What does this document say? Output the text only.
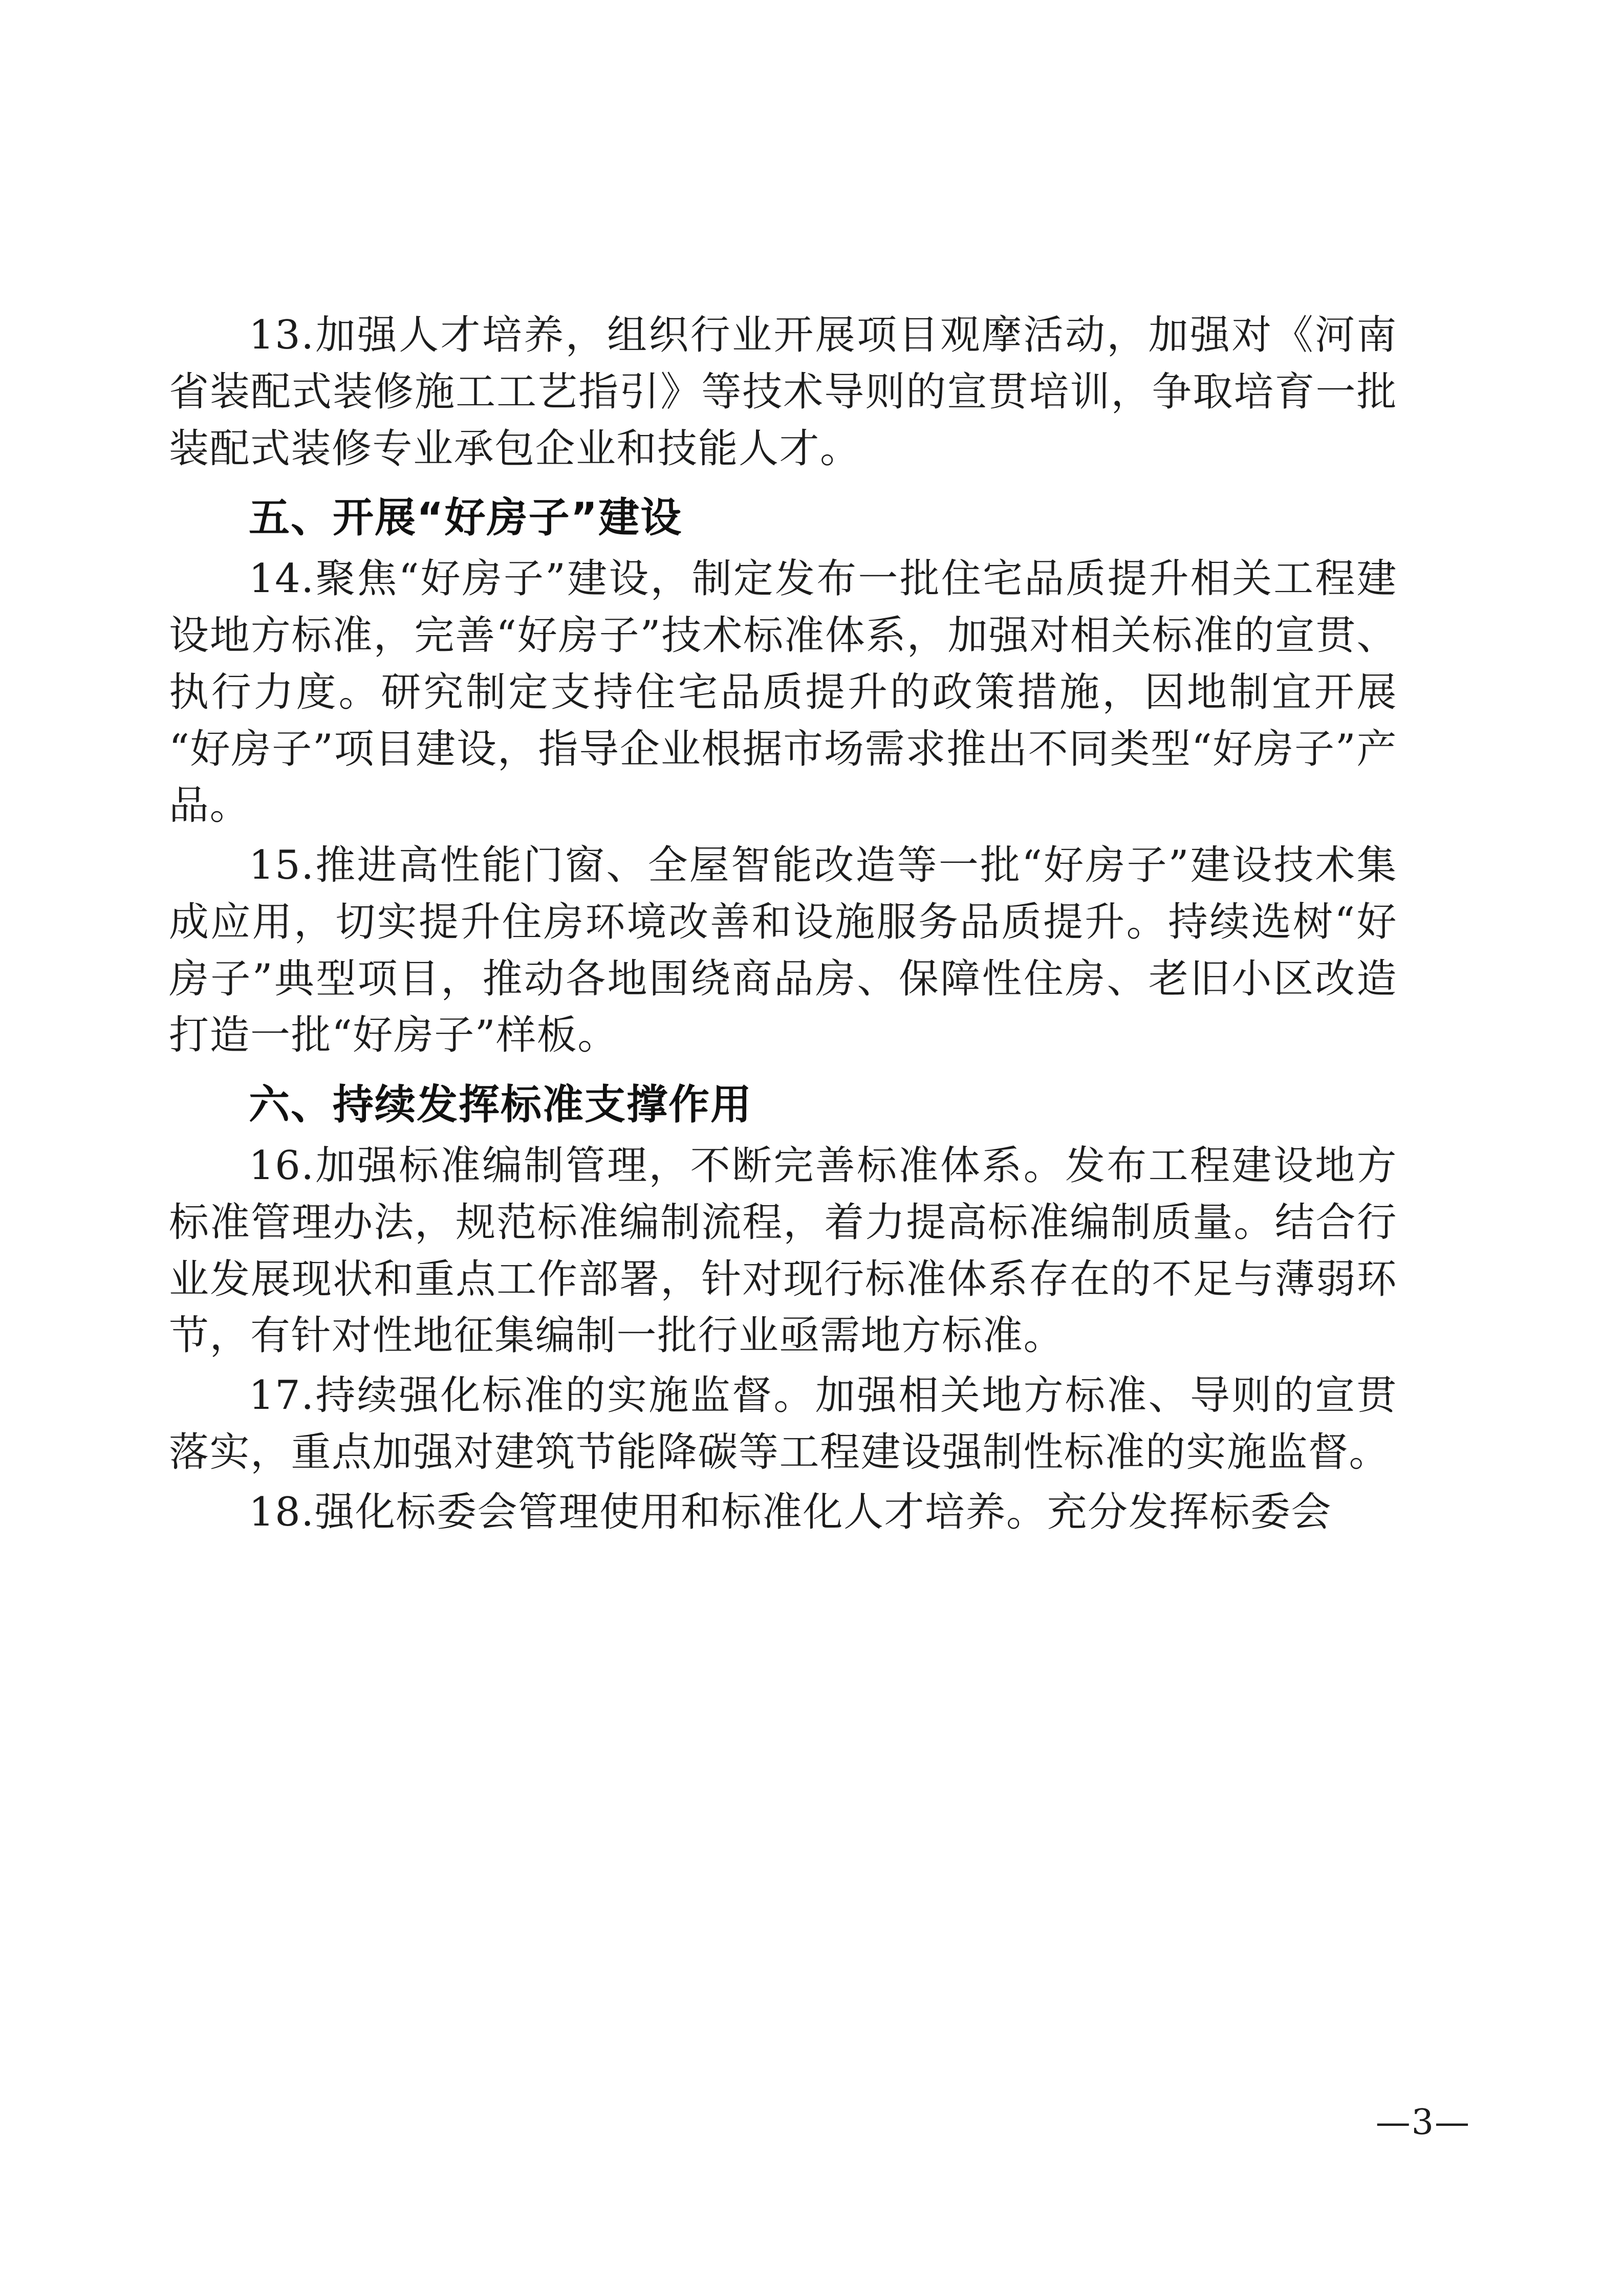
13.加强人才培养，组织行业开展项目观摩活动，加强对《河南省装配式装修施工工艺指引》等技术导则的宣贯培训，争取培育一批装配式装修专业承包企业和技能人才。

五、开展“好房子”建设

14.聚焦“好房子”建设，制定发布一批住宅品质提升相关工程建设地方标准，完善“好房子”技术标准体系，加强对相关标准的宣贯、执行力度。研究制定支持住宅品质提升的政策措施，因地制宜开展“好房子”项目建设，指导企业根据市场需求推出不同类型“好房子”产品。

15.推进高性能门窗、全屋智能改造等一批“好房子”建设技术集成应用，切实提升住房环境改善和设施服务品质提升。持续选树“好房子”典型项目，推动各地围绕商品房、保障性住房、老旧小区改造打造一批“好房子”样板。

六、持续发挥标准支撑作用

16.加强标准编制管理，不断完善标准体系。发布工程建设地方标准管理办法，规范标准编制流程，着力提高标准编制质量。结合行业发展现状和重点工作部署，针对现行标准体系存在的不足与薄弱环节，有针对性地征集编制一批行业亟需地方标准。

17.持续强化标准的实施监督。加强相关地方标准、导则的宣贯落实，重点加强对建筑节能降碳等工程建设强制性标准的实施监督。

18.强化标委会管理使用和标准化人才培养。充分发挥标委会

—3—
